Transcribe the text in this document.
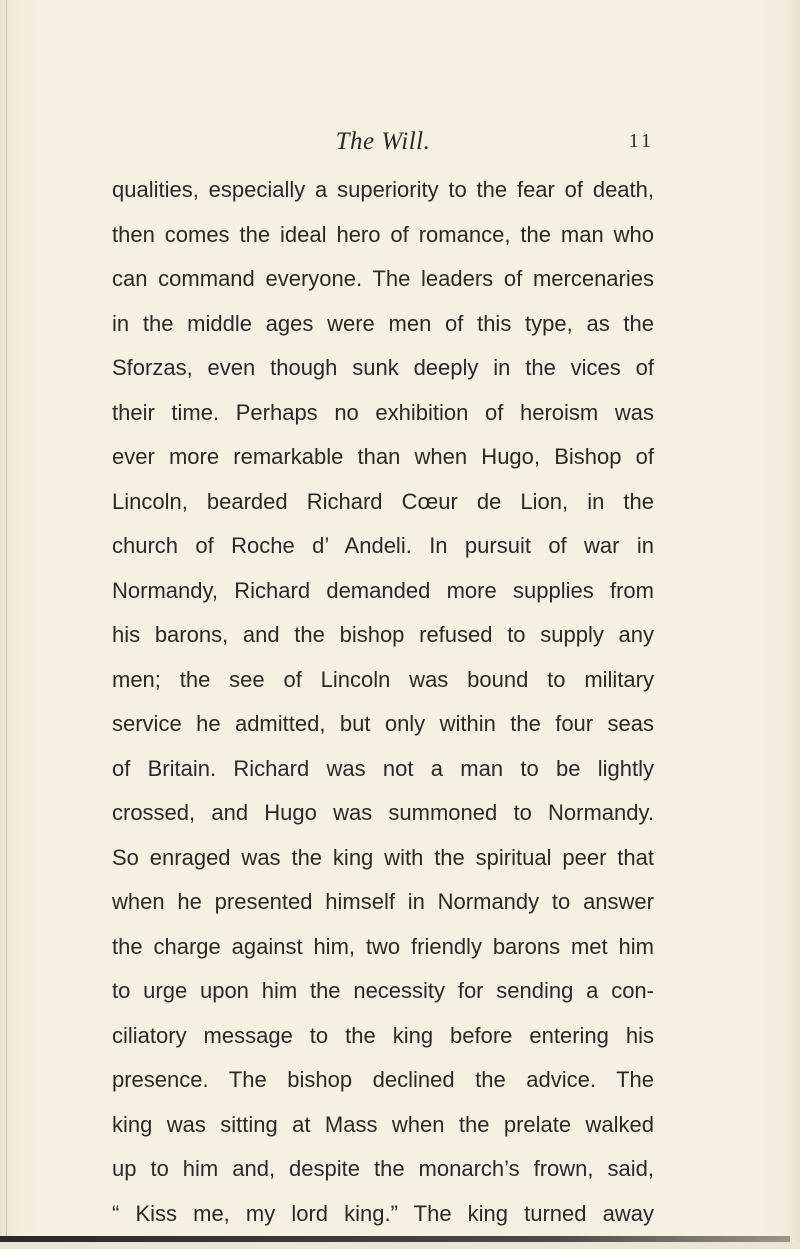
The Will.	11
qualities, especially a superiority to the fear of death,
then comes the ideal hero of romance, the man who
can command everyone. The leaders of mercenaries
in the middle ages were men of this type, as the
Sforzas, even though sunk deeply in the vices of
their time. Perhaps no exhibition of heroism was
ever more remarkable than when Hugo, Bishop of
Lincoln, bearded Richard Cœur de Lion, in the
church of Roche d’ Andeli. In pursuit of war in
Normandy, Richard demanded more supplies from
his barons, and the bishop refused to supply any
men; the see of Lincoln was bound to military
service he admitted, but only within the four seas
of Britain. Richard was not a man to be lightly
crossed, and Hugo was summoned to Normandy.
So enraged was the king with the spiritual peer that
when he presented himself in Normandy to answer
the charge against him, two friendly barons met him
to urge upon him the necessity for sending a con-
ciliatory message to the king before entering his
presence. The bishop declined the advice. The
king was sitting at Mass when the prelate walked
up to him and, despite the monarch’s frown, said,
“ Kiss me, my lord king.” The king turned away
